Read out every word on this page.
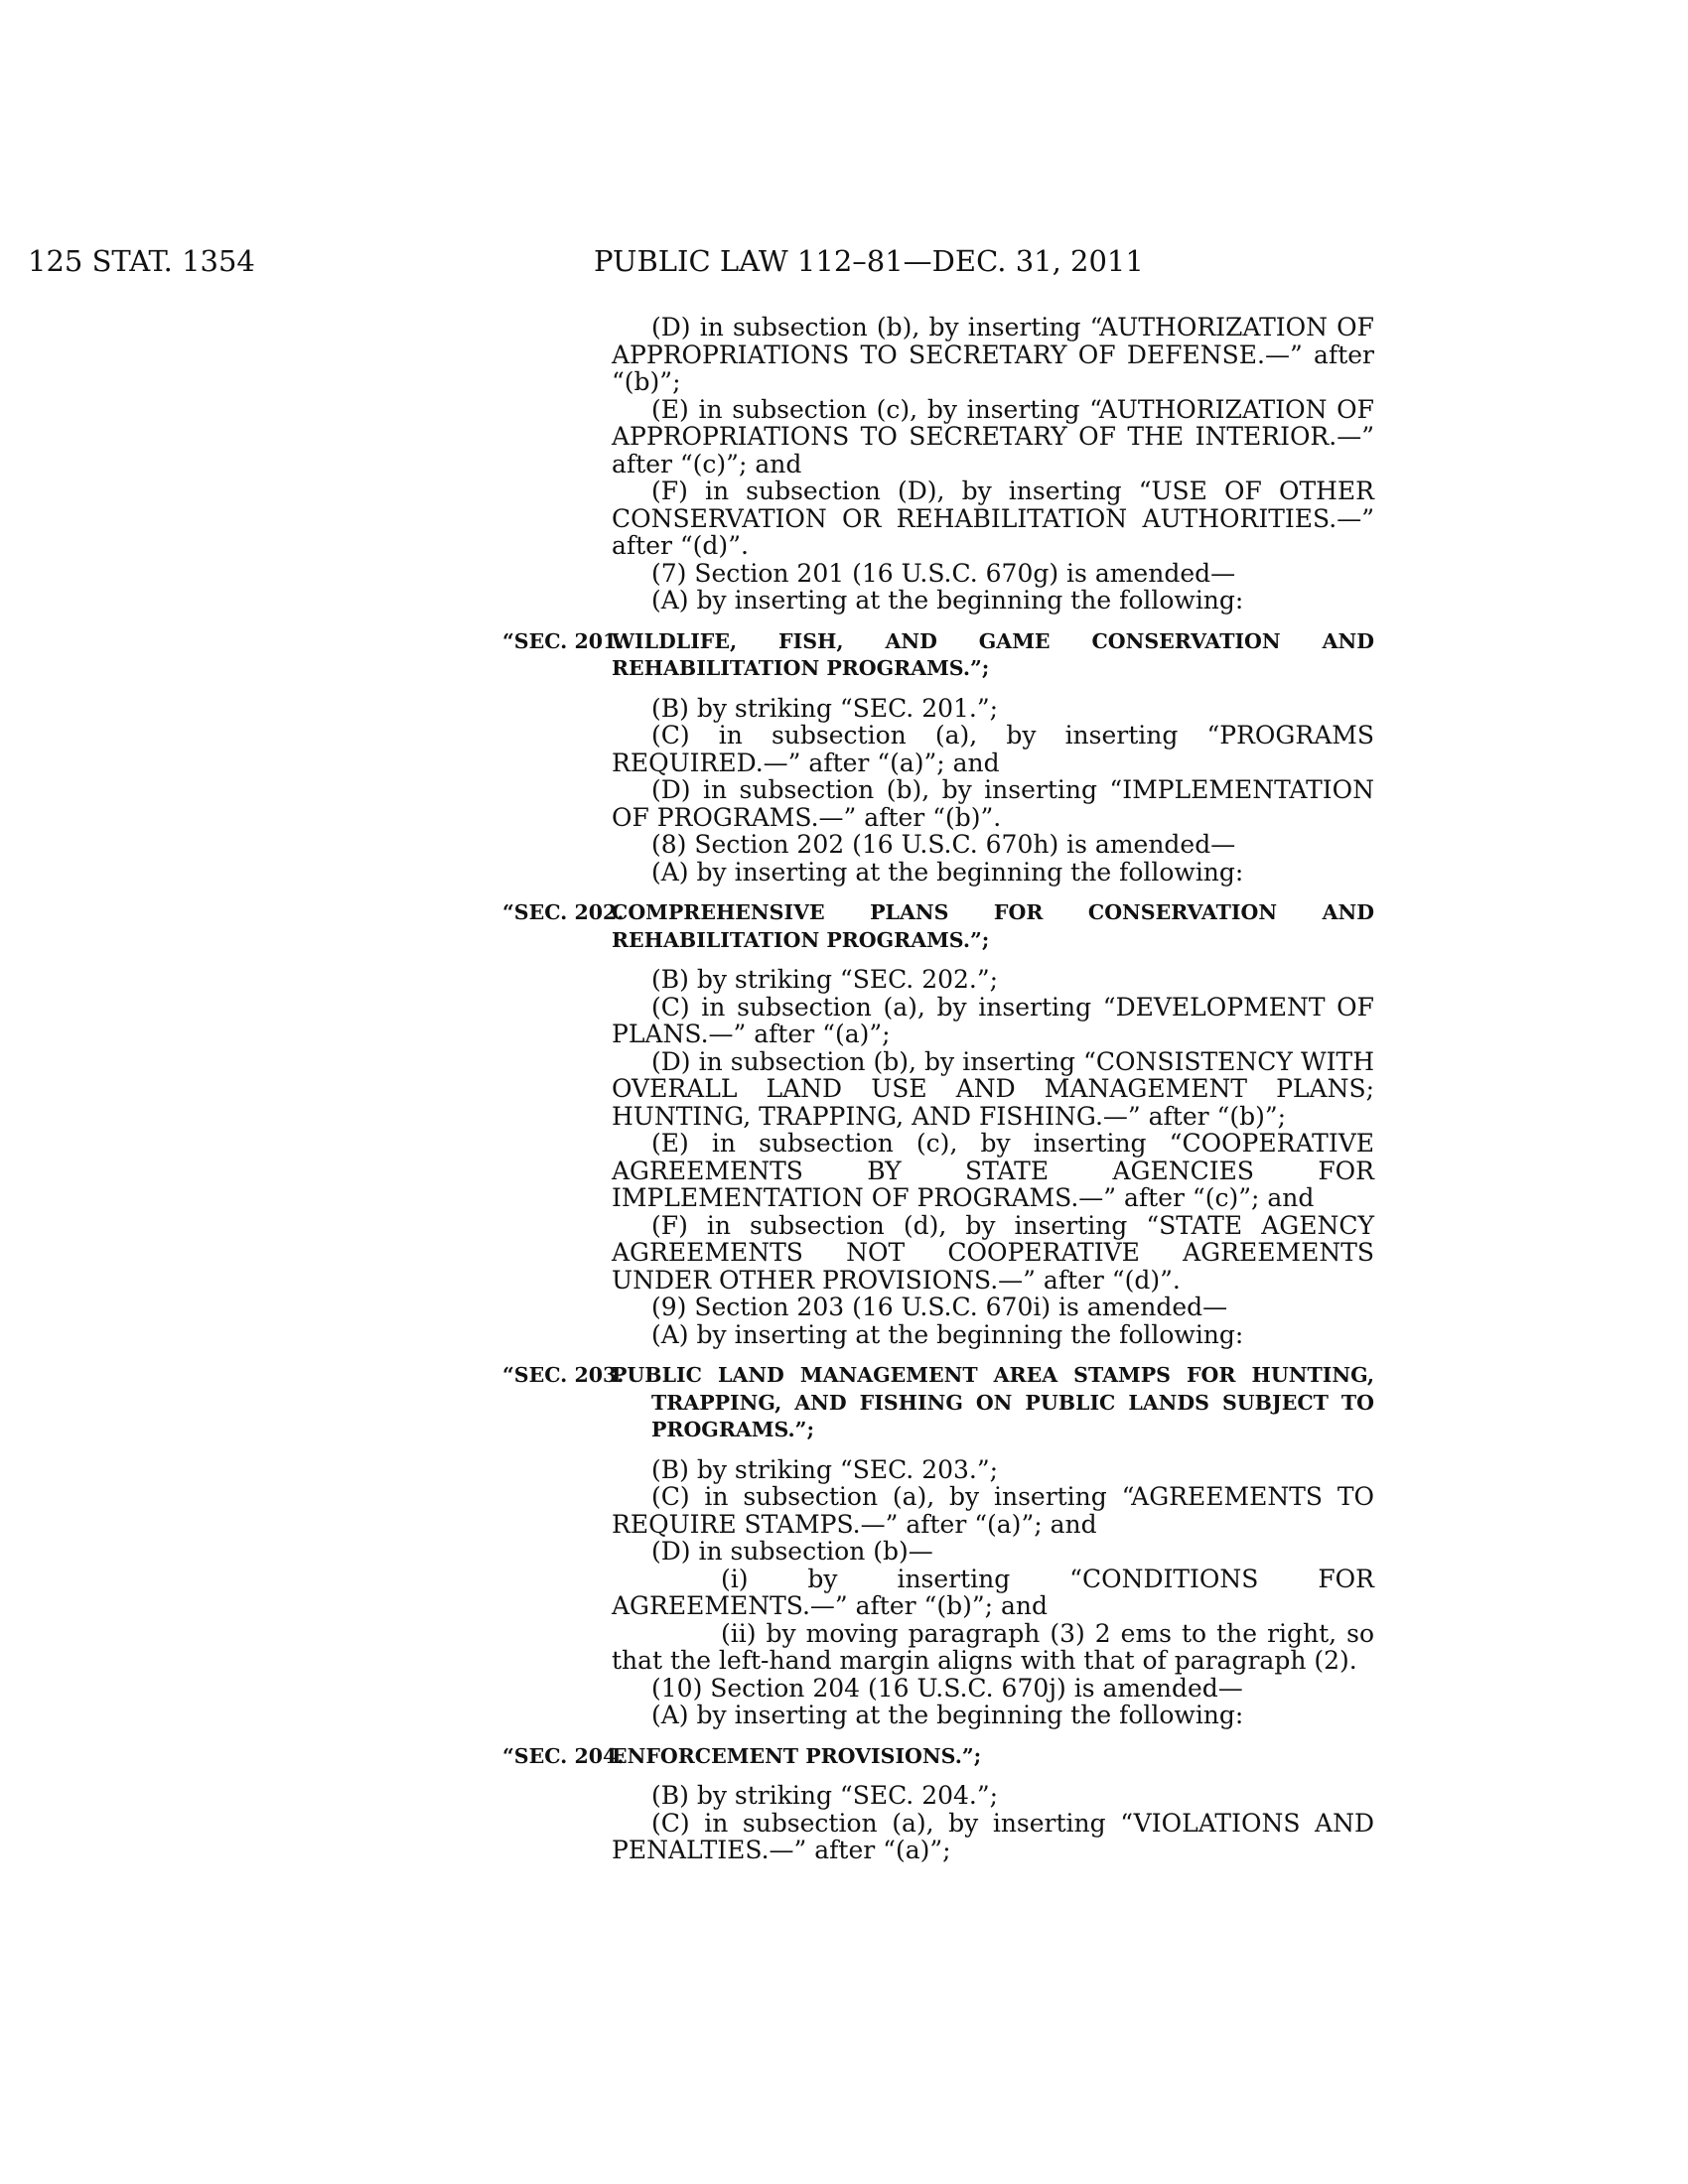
125 STAT. 1354	PUBLIC LAW 112–81—DEC. 31, 2011

(D) in subsection (b), by inserting “AUTHORIZATION OF APPROPRIATIONS TO SECRETARY OF DEFENSE.—” after “(b)”;

(E) in subsection (c), by inserting “AUTHORIZATION OF APPROPRIATIONS TO SECRETARY OF THE INTERIOR.—” after “(c)”; and

(F) in subsection (D), by inserting “USE OF OTHER CONSERVATION OR REHABILITATION AUTHORITIES.—” after “(d)”.

(7) Section 201 (16 U.S.C. 670g) is amended—

(A) by inserting at the beginning the following:

“SEC. 201.
WILDLIFE, FISH, AND GAME CONSERVATION AND REHABILITATION PROGRAMS.”;

(B) by striking “SEC. 201.”;

(C) in subsection (a), by inserting “PROGRAMS REQUIRED.—” after “(a)”; and

(D) in subsection (b), by inserting “IMPLEMENTATION OF PROGRAMS.—” after “(b)”.

(8) Section 202 (16 U.S.C. 670h) is amended—

(A) by inserting at the beginning the following:

“SEC. 202.
COMPREHENSIVE PLANS FOR CONSERVATION AND REHABILITATION PROGRAMS.”;

(B) by striking “SEC. 202.”;

(C) in subsection (a), by inserting “DEVELOPMENT OF PLANS.—” after “(a)”;

(D) in subsection (b), by inserting “CONSISTENCY WITH OVERALL LAND USE AND MANAGEMENT PLANS; HUNTING, TRAPPING, AND FISHING.—” after “(b)”;

(E) in subsection (c), by inserting “COOPERATIVE AGREEMENTS BY STATE AGENCIES FOR IMPLEMENTATION OF PROGRAMS.—” after “(c)”; and

(F) in subsection (d), by inserting “STATE AGENCY AGREEMENTS NOT COOPERATIVE AGREEMENTS UNDER OTHER PROVISIONS.—” after “(d)”.

(9) Section 203 (16 U.S.C. 670i) is amended—

(A) by inserting at the beginning the following:

“SEC. 203.
PUBLIC LAND MANAGEMENT AREA STAMPS FOR HUNTING, TRAPPING, AND FISHING ON PUBLIC LANDS SUBJECT TO PROGRAMS.”;

(B) by striking “SEC. 203.”;

(C) in subsection (a), by inserting “AGREEMENTS TO REQUIRE STAMPS.—” after “(a)”; and

(D) in subsection (b)—

(i) by inserting “CONDITIONS FOR AGREEMENTS.—” after “(b)”; and

(ii) by moving paragraph (3) 2 ems to the right, so that the left-hand margin aligns with that of paragraph (2).

(10) Section 204 (16 U.S.C. 670j) is amended—

(A) by inserting at the beginning the following:

“SEC. 204.
ENFORCEMENT PROVISIONS.”;

(B) by striking “SEC. 204.”;

(C) in subsection (a), by inserting “VIOLATIONS AND PENALTIES.—” after “(a)”;
